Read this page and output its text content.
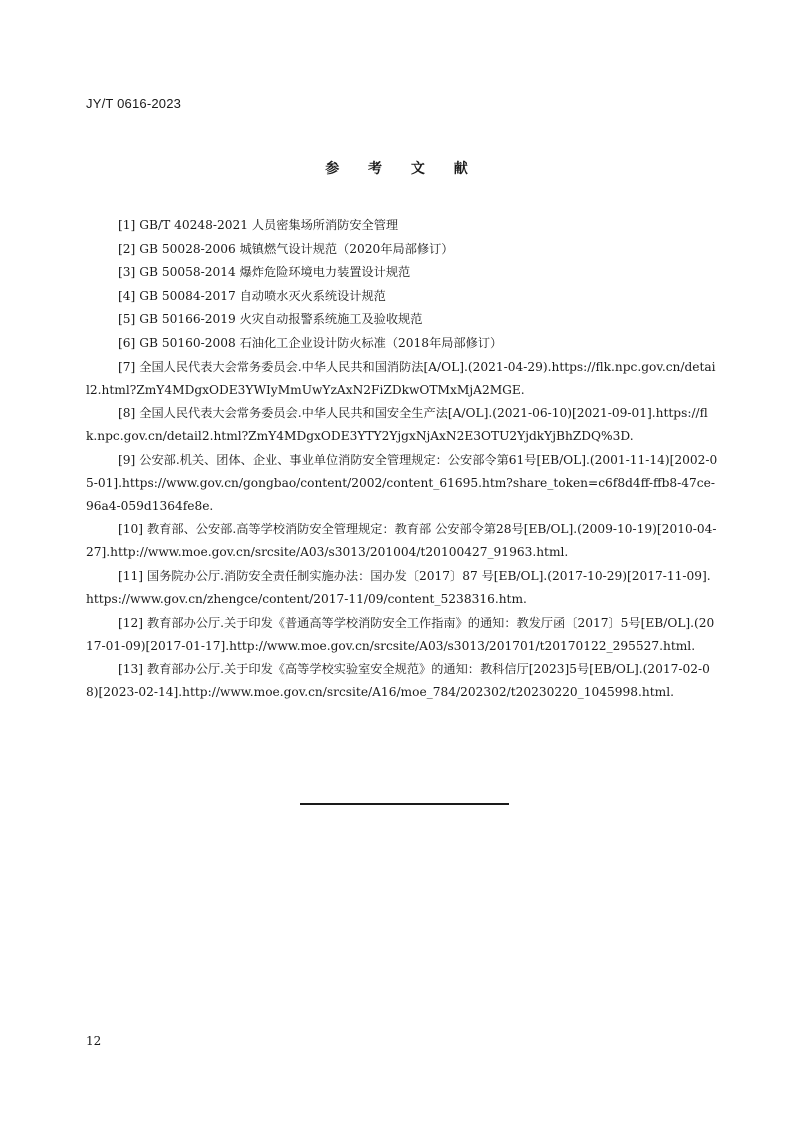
JY/T 0616-2023
参 考 文 献

[1] GB/T 40248-2021 人员密集场所消防安全管理

[2] GB 50028-2006 城镇燃气设计规范（2020年局部修订）

[3] GB 50058-2014 爆炸危险环境电力装置设计规范

[4] GB 50084-2017 自动喷水灭火系统设计规范

[5] GB 50166-2019 火灾自动报警系统施工及验收规范

[6] GB 50160-2008 石油化工企业设计防火标准（2018年局部修订）

[7] 全国人民代表大会常务委员会.中华人民共和国消防法[A/OL].(2021-04-29).https://flk.npc.gov.cn/detail2.html?ZmY4MDgxODE3YWIyMmUwYzAxN2FiZDkwOTMxMjA2MGE.

[8] 全国人民代表大会常务委员会.中华人民共和国安全生产法[A/OL].(2021-06-10)[2021-09-01].https://flk.npc.gov.cn/detail2.html?ZmY4MDgxODE3YTY2YjgxNjAxN2E3OTU2YjdkYjBhZDQ%3D.

[9] 公安部.机关、团体、企业、事业单位消防安全管理规定：公安部令第61号[EB/OL].(2001-11-14)[2002-05-01].https://www.gov.cn/gongbao/content/2002/content_61695.htm?share_token=c6f8d4ff-ffb8-47ce-96a4-059d1364fe8e.

[10] 教育部、公安部.高等学校消防安全管理规定：教育部 公安部令第28号[EB/OL].(2009-10-19)[2010-04-27].http://www.moe.gov.cn/srcsite/A03/s3013/201004/t20100427_91963.html.

[11] 国务院办公厅.消防安全责任制实施办法：国办发〔2017〕87 号[EB/OL].(2017-10-29)[2017-11-09].https://www.gov.cn/zhengce/content/2017-11/09/content_5238316.htm.

[12] 教育部办公厅.关于印发《普通高等学校消防安全工作指南》的通知：教发厅函〔2017〕5号[EB/OL].(2017-01-09)[2017-01-17].http://www.moe.gov.cn/srcsite/A03/s3013/201701/t20170122_295527.html.

[13] 教育部办公厅.关于印发《高等学校实验室安全规范》的通知：教科信厅[2023]5号[EB/OL].(2017-02-08)[2023-02-14].http://www.moe.gov.cn/srcsite/A16/moe_784/202302/t20230220_1045998.html.

12
